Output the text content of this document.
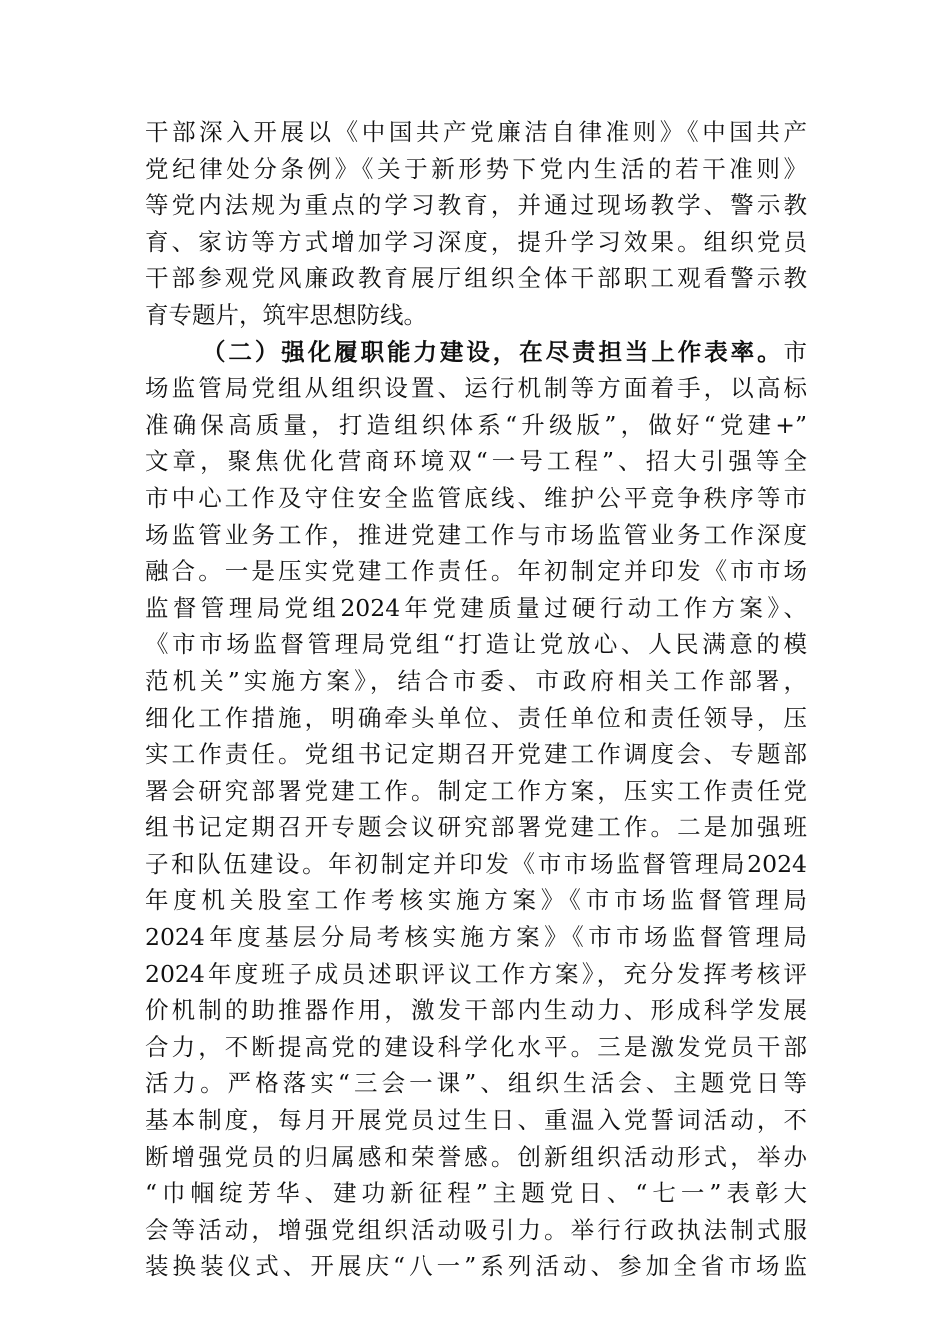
干部深入开展以《中国共产党廉洁自律准则》《中国共产
党纪律处分条例》《关于新形势下党内生活的若干准则》
等党内法规为重点的学习教育，并通过现场教学、警示教
育、家访等方式增加学习深度，提升学习效果。组织党员
干部参观党风廉政教育展厅组织全体干部职工观看警示教
育专题片，筑牢思想防线。
（二）强化履职能力建设，在尽责担当上作表率。市
场监管局党组从组织设置、运行机制等方面着手，以高标
准确保高质量，打造组织体系“升级版”，做好“党建+”
文章，聚焦优化营商环境双“一号工程”、招大引强等全
市中心工作及守住安全监管底线、维护公平竞争秩序等市
场监管业务工作，推进党建工作与市场监管业务工作深度
融合。一是压实党建工作责任。年初制定并印发《市市场
监督管理局党组2024年党建质量过硬行动工作方案》、
《市市场监督管理局党组“打造让党放心、人民满意的模
范机关”实施方案》，结合市委、市政府相关工作部署，
细化工作措施，明确牵头单位、责任单位和责任领导，压
实工作责任。党组书记定期召开党建工作调度会、专题部
署会研究部署党建工作。制定工作方案，压实工作责任党
组书记定期召开专题会议研究部署党建工作。二是加强班
子和队伍建设。年初制定并印发《市市场监督管理局2024
年度机关股室工作考核实施方案》《市市场监督管理局
2024年度基层分局考核实施方案》《市市场监督管理局
2024年度班子成员述职评议工作方案》，充分发挥考核评
价机制的助推器作用，激发干部内生动力、形成科学发展
合力，不断提高党的建设科学化水平。三是激发党员干部
活力。严格落实“三会一课”、组织生活会、主题党日等
基本制度，每月开展党员过生日、重温入党誓词活动，不
断增强党员的归属感和荣誉感。创新组织活动形式，举办
“巾帼绽芳华、建功新征程”主题党日、“七一”表彰大
会等活动，增强党组织活动吸引力。举行行政执法制式服
装换装仪式、开展庆“八一”系列活动、参加全省市场监
